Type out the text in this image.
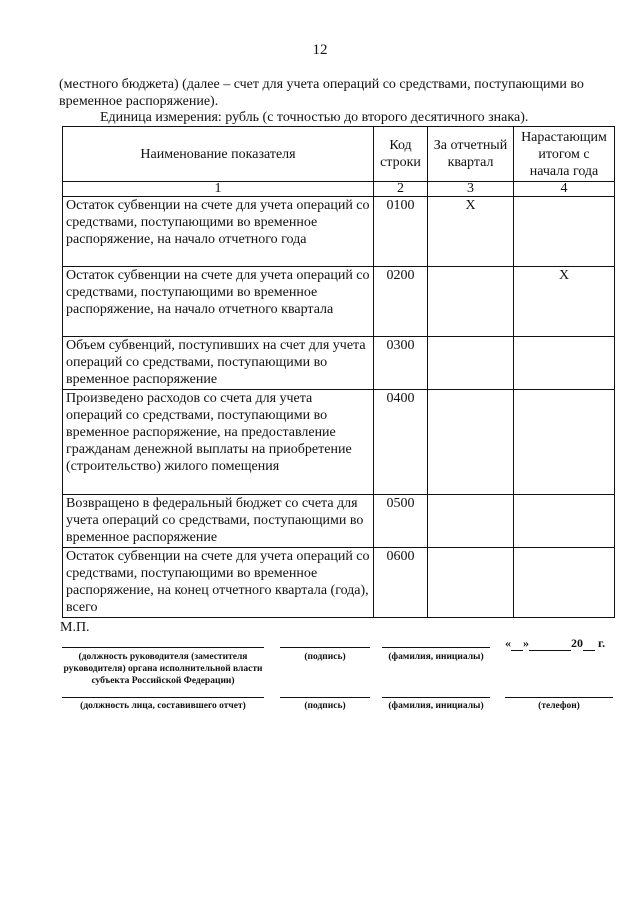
12
(местного бюджета) (далее – счет для учета операций со средствами, поступающими во временное распоряжение).
Единица измерения: рубль (с точностью до второго десятичного знака).
Наименование показателя	Код строки	За отчетный квартал	Нарастающим итогом с начала года
1	2	3	4
Остаток субвенции на счете для учета операций со средствами, поступающими во временное распоряжение, на начало отчетного года	0100	X	
Остаток субвенции на счете для учета операций со средствами, поступающими во временное распоряжение, на начало отчетного квартала	0200		X
Объем субвенций, поступивших на счет для учета операций со средствами, поступающими во временное распоряжение	0300		
Произведено расходов со счета для учета операций со средствами, поступающими во временное распоряжение, на предоставление гражданам денежной выплаты на приобретение (строительство) жилого помещения	0400		
Возвращено в федеральный бюджет со счета для учета операций со средствами, поступающими во временное распоряжение	0500		
Остаток субвенции на счете для учета операций со средствами, поступающими во временное распоряжение, на конец отчетного квартала (года), всего	0600		
М.П.
(должность руководителя (заместителя руководителя) органа исполнительной власти субъекта Российской Федерации)
(подпись)	(фамилия, инициалы)
« »	20 г.
(должность лица, составившего отчет)	(подпись)	(фамилия, инициалы)	(телефон)
